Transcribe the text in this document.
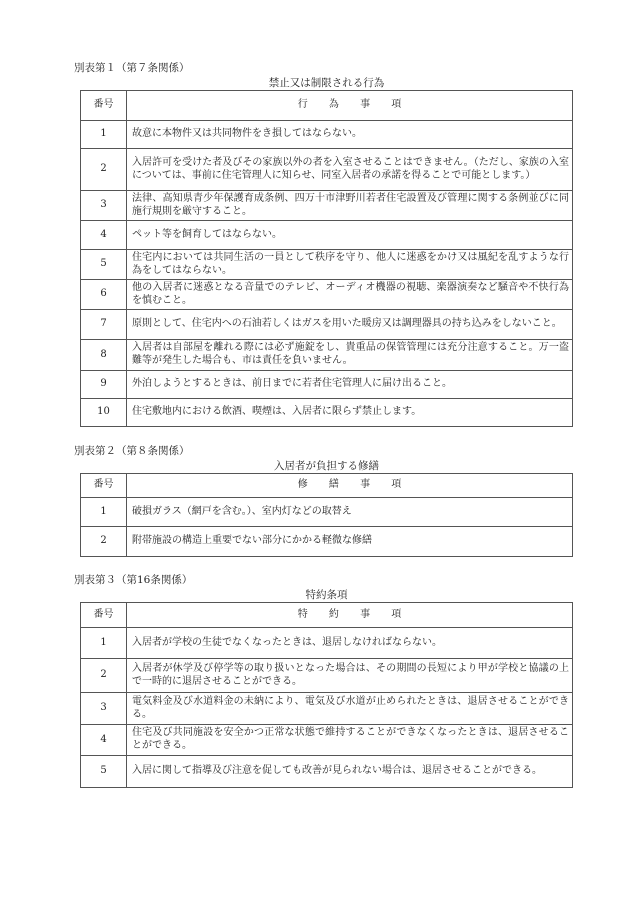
別表第１（第７条関係）
禁止又は制限される行為
番号	行 為 事 項
1	故意に本物件又は共同物件をき損してはならない。
2	入居許可を受けた者及びその家族以外の者を入室させることはできません。（ただし、家族の入室については、事前に住宅管理人に知らせ、同室入居者の承諾を得ることで可能とします。）
3	法律、高知県青少年保護育成条例、四万十市津野川若者住宅設置及び管理に関する条例並びに同施行規則を厳守すること。
4	ペット等を飼育してはならない。
5	住宅内においては共同生活の一員として秩序を守り、他人に迷惑をかけ又は風紀を乱すような行為をしてはならない。
6	他の入居者に迷惑となる音量でのテレビ、オーディオ機器の視聴、楽器演奏など騒音や不快行為を慎むこと。
7	原則として、住宅内への石油若しくはガスを用いた暖房又は調理器具の持ち込みをしないこと。
8	入居者は自部屋を離れる際には必ず施錠をし、貴重品の保管管理には充分注意すること。万一盗難等が発生した場合も、市は責任を負いません。
9	外泊しようとするときは、前日までに若者住宅管理人に届け出ること。
10	住宅敷地内における飲酒、喫煙は、入居者に限らず禁止します。
別表第２（第８条関係）
入居者が負担する修繕
番号	修 繕 事 項
1	破損ガラス（網戸を含む。）、室内灯などの取替え
2	附帯施設の構造上重要でない部分にかかる軽微な修繕
別表第３（第16条関係）
特約条項
番号	特 約 事 項
1	入居者が学校の生徒でなくなったときは、退居しなければならない。
2	入居者が休学及び停学等の取り扱いとなった場合は、その期間の長短により甲が学校と協議の上で一時的に退居させることができる。
3	電気料金及び水道料金の未納により、電気及び水道が止められたときは、退居させることができる。
4	住宅及び共同施設を安全かつ正常な状態で維持することができなくなったときは、退居させることができる。
5	入居に関して指導及び注意を促しても改善が見られない場合は、退居させることができる。
